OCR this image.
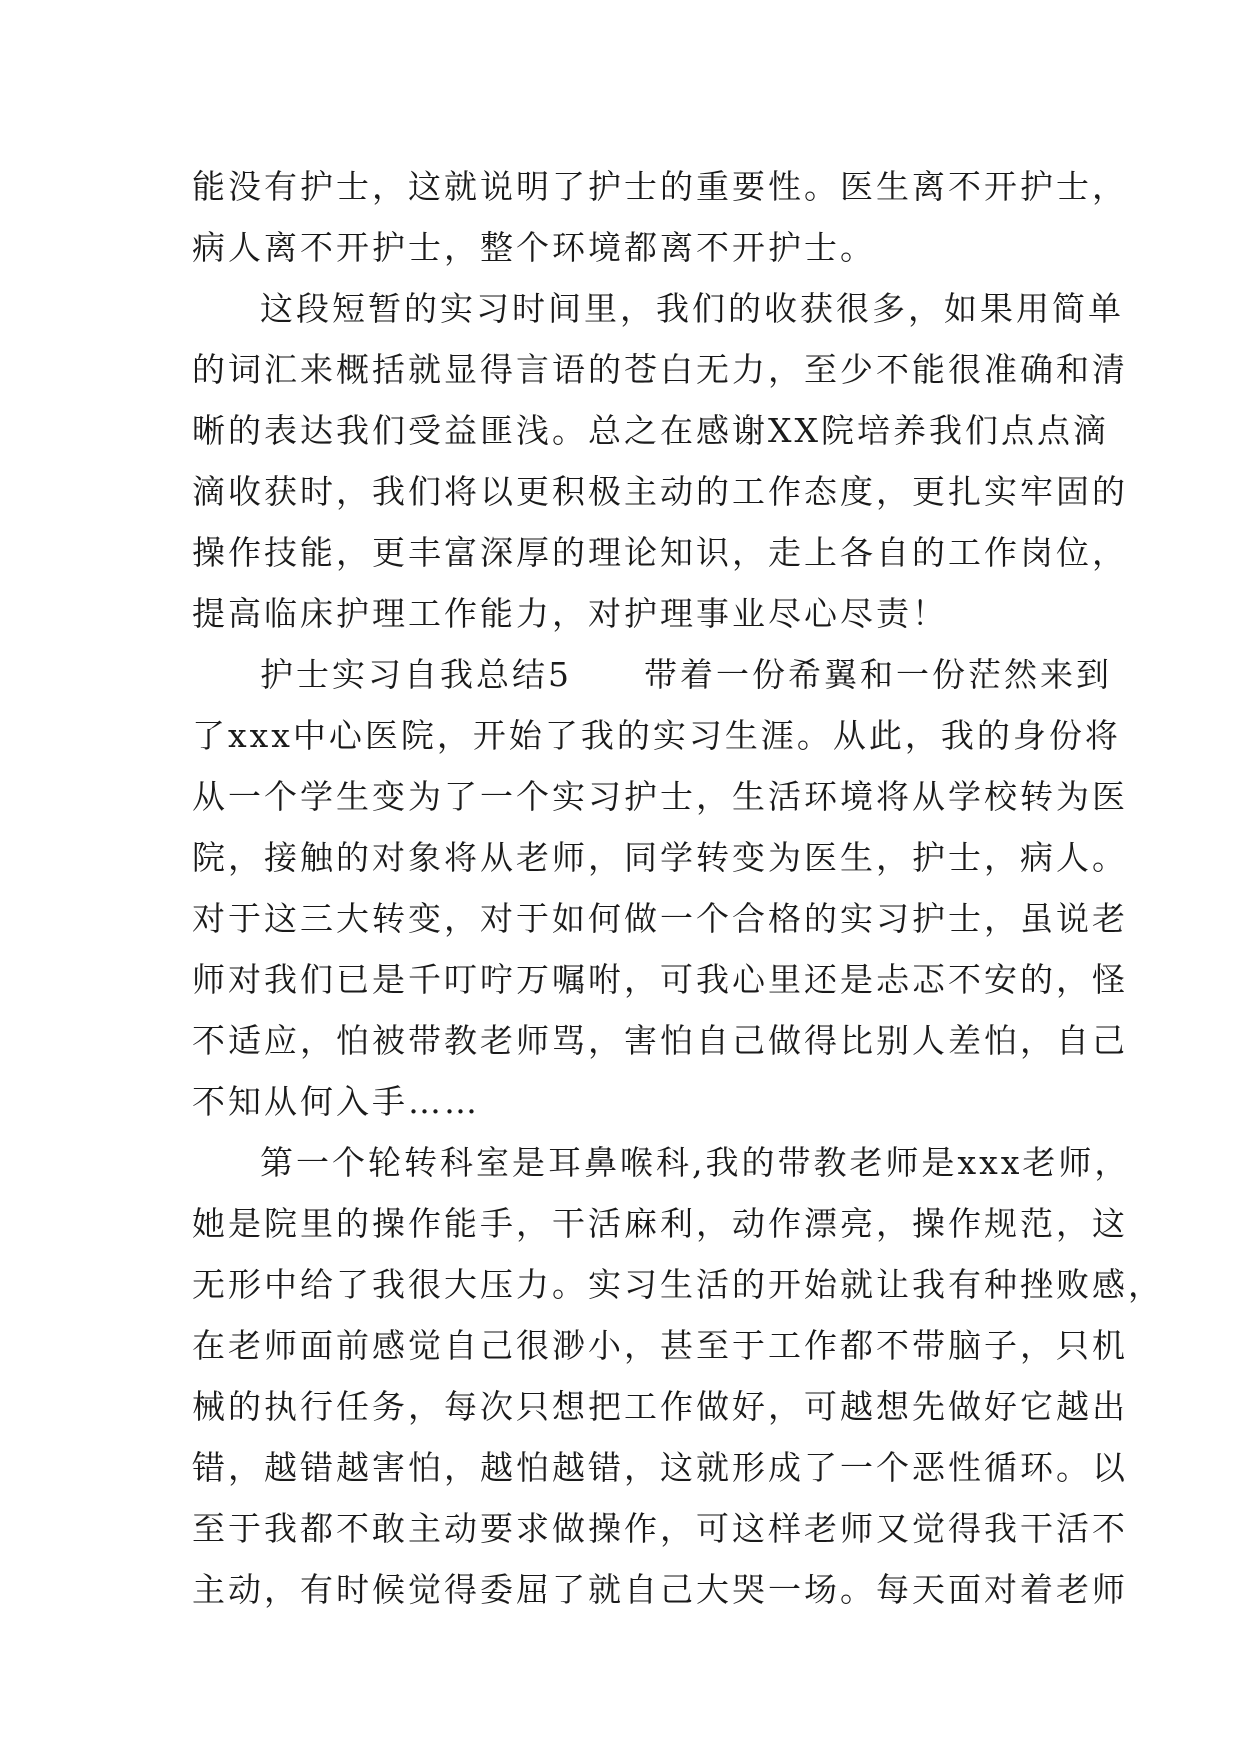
能没有护士，这就说明了护士的重要性。医生离不开护士，
病人离不开护士，整个环境都离不开护士。
这段短暂的实习时间里，我们的收获很多，如果用简单
的词汇来概括就显得言语的苍白无力，至少不能很准确和清
晰的表达我们受益匪浅。总之在感谢XX院培养我们点点滴
滴收获时，我们将以更积极主动的工作态度，更扎实牢固的
操作技能，更丰富深厚的理论知识，走上各自的工作岗位，
提高临床护理工作能力，对护理事业尽心尽责！
护士实习自我总结5　　带着一份希翼和一份茫然来到
了xxx中心医院，开始了我的实习生涯。从此，我的身份将
从一个学生变为了一个实习护士，生活环境将从学校转为医
院，接触的对象将从老师，同学转变为医生，护士，病人。
对于这三大转变，对于如何做一个合格的实习护士，虽说老
师对我们已是千叮咛万嘱咐，可我心里还是忐忑不安的，怪
不适应，怕被带教老师骂，害怕自己做得比别人差怕，自己
不知从何入手……
第一个轮转科室是耳鼻喉科,我的带教老师是xxx老师，
她是院里的操作能手，干活麻利，动作漂亮，操作规范，这
无形中给了我很大压力。实习生活的开始就让我有种挫败感，
在老师面前感觉自己很渺小，甚至于工作都不带脑子，只机
械的执行任务，每次只想把工作做好，可越想先做好它越出
错，越错越害怕，越怕越错，这就形成了一个恶性循环。以
至于我都不敢主动要求做操作，可这样老师又觉得我干活不
主动，有时候觉得委屈了就自己大哭一场。每天面对着老师
